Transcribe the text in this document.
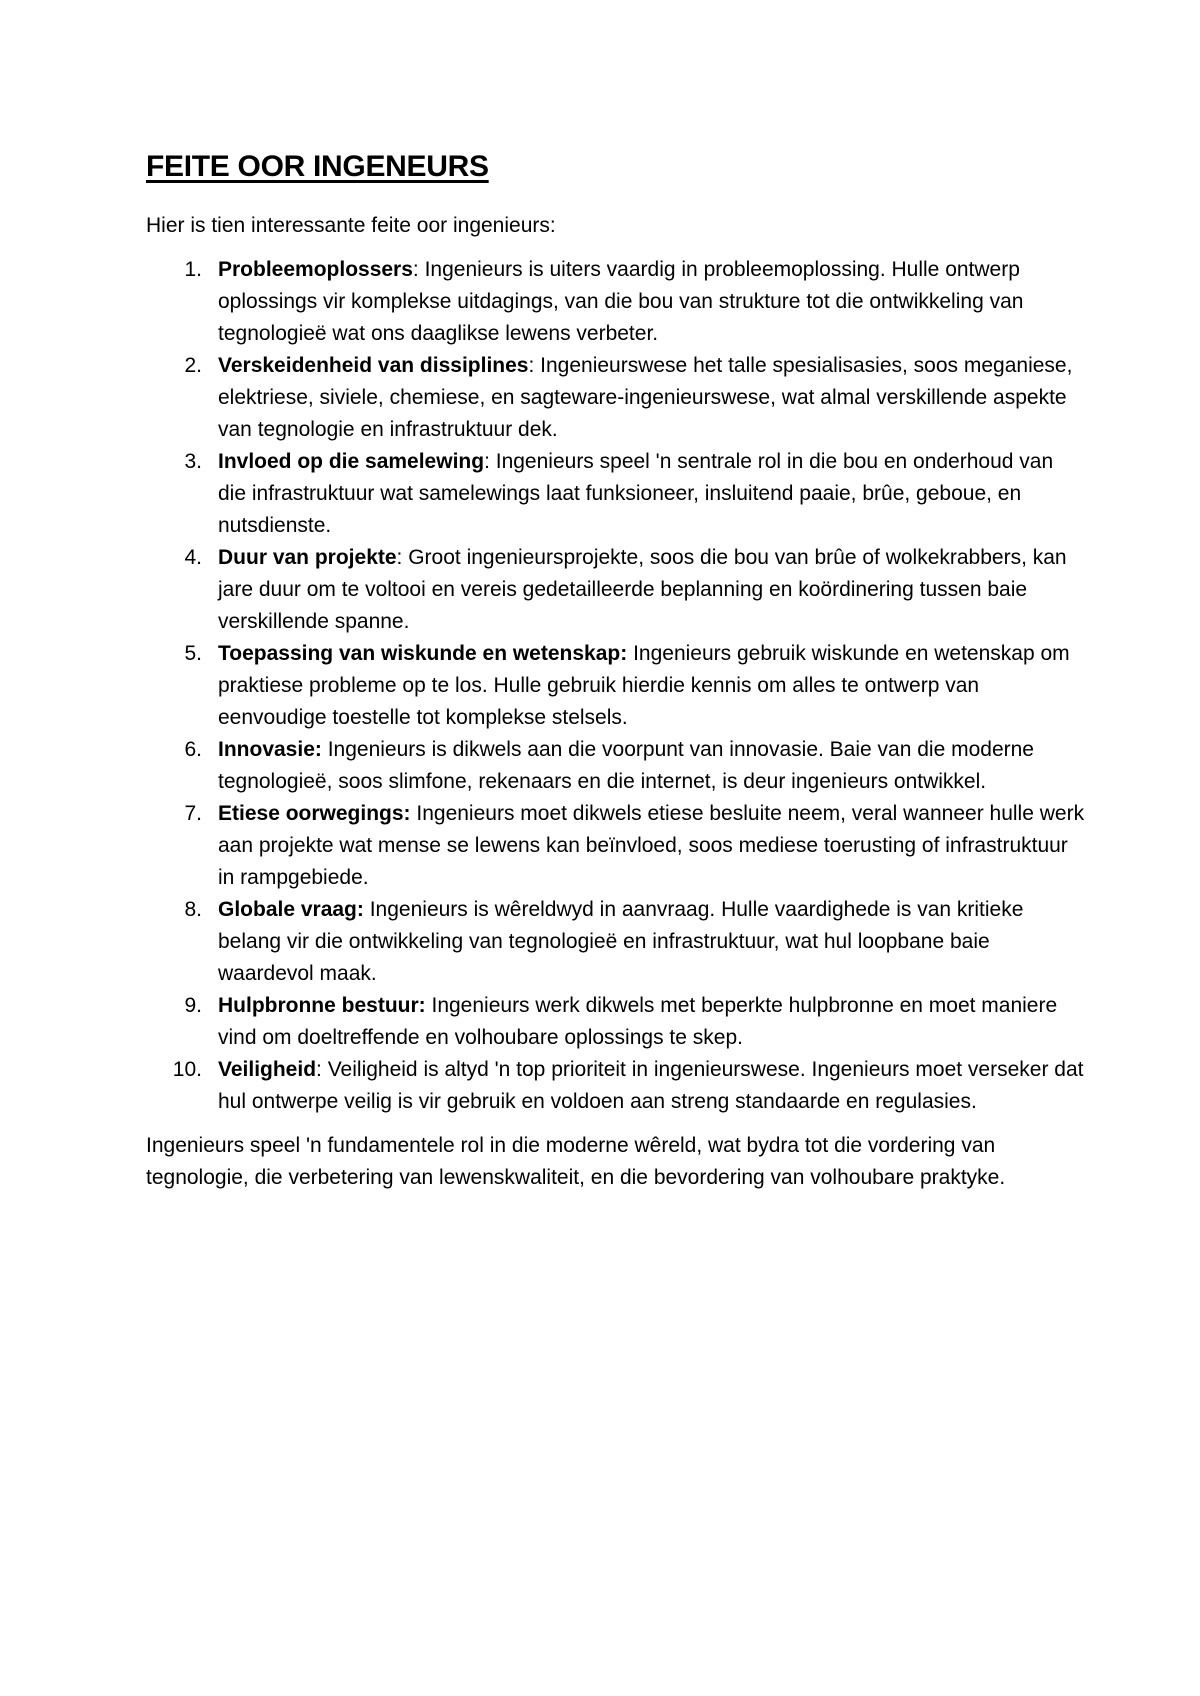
FEITE OOR INGENEURS

Hier is tien interessante feite oor ingenieurs:

1. Probleemoplossers: Ingenieurs is uiters vaardig in probleemoplossing. Hulle ontwerp oplossings vir komplekse uitdagings, van die bou van strukture tot die ontwikkeling van tegnologieë wat ons daaglikse lewens verbeter.
2. Verskeidenheid van dissiplines: Ingenieurswese het talle spesialisasies, soos meganiese, elektriese, siviele, chemiese, en sagteware-ingenieurswese, wat almal verskillende aspekte van tegnologie en infrastruktuur dek.
3. Invloed op die samelewing: Ingenieurs speel 'n sentrale rol in die bou en onderhoud van die infrastruktuur wat samelewings laat funksioneer, insluitend paaie, brûe, geboue, en nutsdienste.
4. Duur van projekte: Groot ingenieursprojekte, soos die bou van brûe of wolkekrabbers, kan jare duur om te voltooi en vereis gedetailleerde beplanning en koördinering tussen baie verskillende spanne.
5. Toepassing van wiskunde en wetenskap: Ingenieurs gebruik wiskunde en wetenskap om praktiese probleme op te los. Hulle gebruik hierdie kennis om alles te ontwerp van eenvoudige toestelle tot komplekse stelsels.
6. Innovasie: Ingenieurs is dikwels aan die voorpunt van innovasie. Baie van die moderne tegnologieë, soos slimfone, rekenaars en die internet, is deur ingenieurs ontwikkel.
7. Etiese oorwegings: Ingenieurs moet dikwels etiese besluite neem, veral wanneer hulle werk aan projekte wat mense se lewens kan beïnvloed, soos mediese toerusting of infrastruktuur in rampgebiede.
8. Globale vraag: Ingenieurs is wêreldwyd in aanvraag. Hulle vaardighede is van kritieke belang vir die ontwikkeling van tegnologieë en infrastruktuur, wat hul loopbane baie waardevol maak.
9. Hulpbronne bestuur: Ingenieurs werk dikwels met beperkte hulpbronne en moet maniere vind om doeltreffende en volhoubare oplossings te skep.
10. Veiligheid: Veiligheid is altyd 'n top prioriteit in ingenieurswese. Ingenieurs moet verseker dat hul ontwerpe veilig is vir gebruik en voldoen aan streng standaarde en regulasies.

Ingenieurs speel 'n fundamentele rol in die moderne wêreld, wat bydra tot die vordering van tegnologie, die verbetering van lewenskwaliteit, en die bevordering van volhoubare praktyke.
